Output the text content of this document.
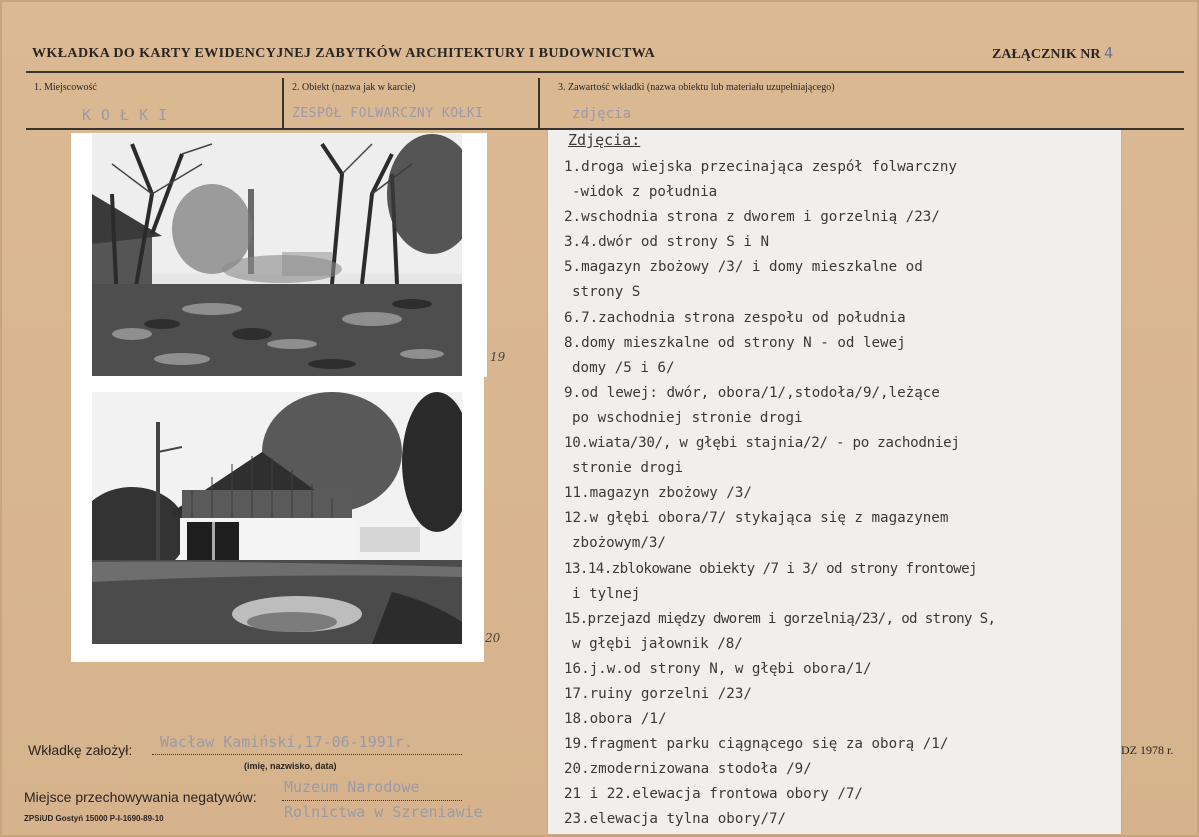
WKŁADKA DO KARTY EWIDENCYJNEJ ZABYTKÓW ARCHITEKTURY I BUDOWNICTWA	ZAŁĄCZNIK NR 4
1. Miejscowość	2. Obiekt (nazwa jak w karcie)	3. Zawartość wkładki (nazwa obiektu lub materiału uzupełniającego)
KOŁKI	ZESPÓŁ FOLWARCZNY KOŁKI	zdjęcia
19
20
Zdjęcia:
1.droga wiejska przecinająca zespół folwarczny
-widok z południa
2.wschodnia strona z dworem i gorzelnią /23/
3.4.dwór od strony S i N
5.magazyn zbożowy /3/ i domy mieszkalne od
strony S
6.7.zachodnia strona zespołu od południa
8.domy mieszkalne od strony N - od lewej
domy /5 i 6/
9.od lewej: dwór, obora/1/,stodoła/9/,leżące
po wschodniej stronie drogi
10.wiata/30/, w głębi stajnia/2/ - po zachodniej
stronie drogi
11.magazyn zbożowy /3/
12.w głębi obora/7/ stykająca się z magazynem
zbożowym/3/
13.14.zblokowane obiekty /7 i 3/ od strony frontowej
i tylnej
15.przejazd między dworem i gorzelnią/23/, od strony S,
w głębi jałownik /8/
16.j.w.od strony N, w głębi obora/1/
17.ruiny gorzelni /23/
18.obora /1/
19.fragment parku ciągnącego się za oborą /1/
20.zmodernizowana stodoła /9/
21 i 22.elewacja frontowa obory /7/
23.elewacja tylna obory/7/
DZ 1978 r.
Wkładkę założył: Wacław Kamiński,17-06-1991r.
(imię, nazwisko, data)
Miejsce przechowywania negatywów:
Muzeum Narodowe
Rolnictwa w Szreniawie
ZPSiUD Gostyń 15000 P-I-1690-89-10
